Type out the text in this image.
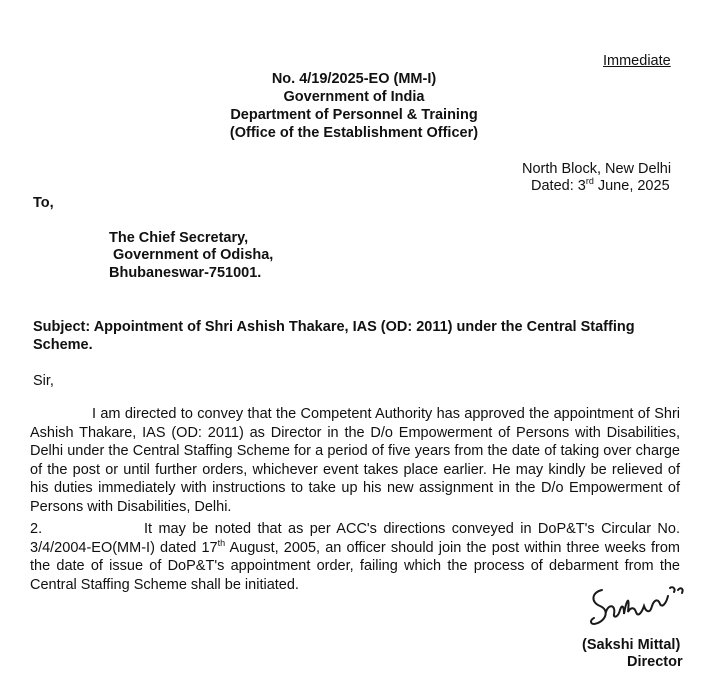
Immediate
No. 4/19/2025-EO (MM-I)
Government of India
Department of Personnel & Training
(Office of the Establishment Officer)
North Block, New Delhi
Dated: 3rd June, 2025
To,
The Chief Secretary,
Government of Odisha,
Bhubaneswar-751001.
Subject: Appointment of Shri Ashish Thakare, IAS (OD: 2011) under the Central Staffing
Scheme.
Sir,

I am directed to convey that the Competent Authority has approved the appointment of Shri Ashish Thakare, IAS (OD: 2011) as Director in the D/o Empowerment of Persons with Disabilities, Delhi under the Central Staffing Scheme for a period of five years from the date of taking over charge of the post or until further orders, whichever event takes place earlier. He may kindly be relieved of his duties immediately with instructions to take up his new assignment in the D/o Empowerment of Persons with Disabilities, Delhi.

2.	It may be noted that as per ACC's directions conveyed in DoP&T's Circular No. 3/4/2004-EO(MM-I) dated 17th August, 2005, an officer should join the post within three weeks from the date of issue of DoP&T's appointment order, failing which the process of debarment from the Central Staffing Scheme shall be initiated.

(Sakshi Mittal)
Director
